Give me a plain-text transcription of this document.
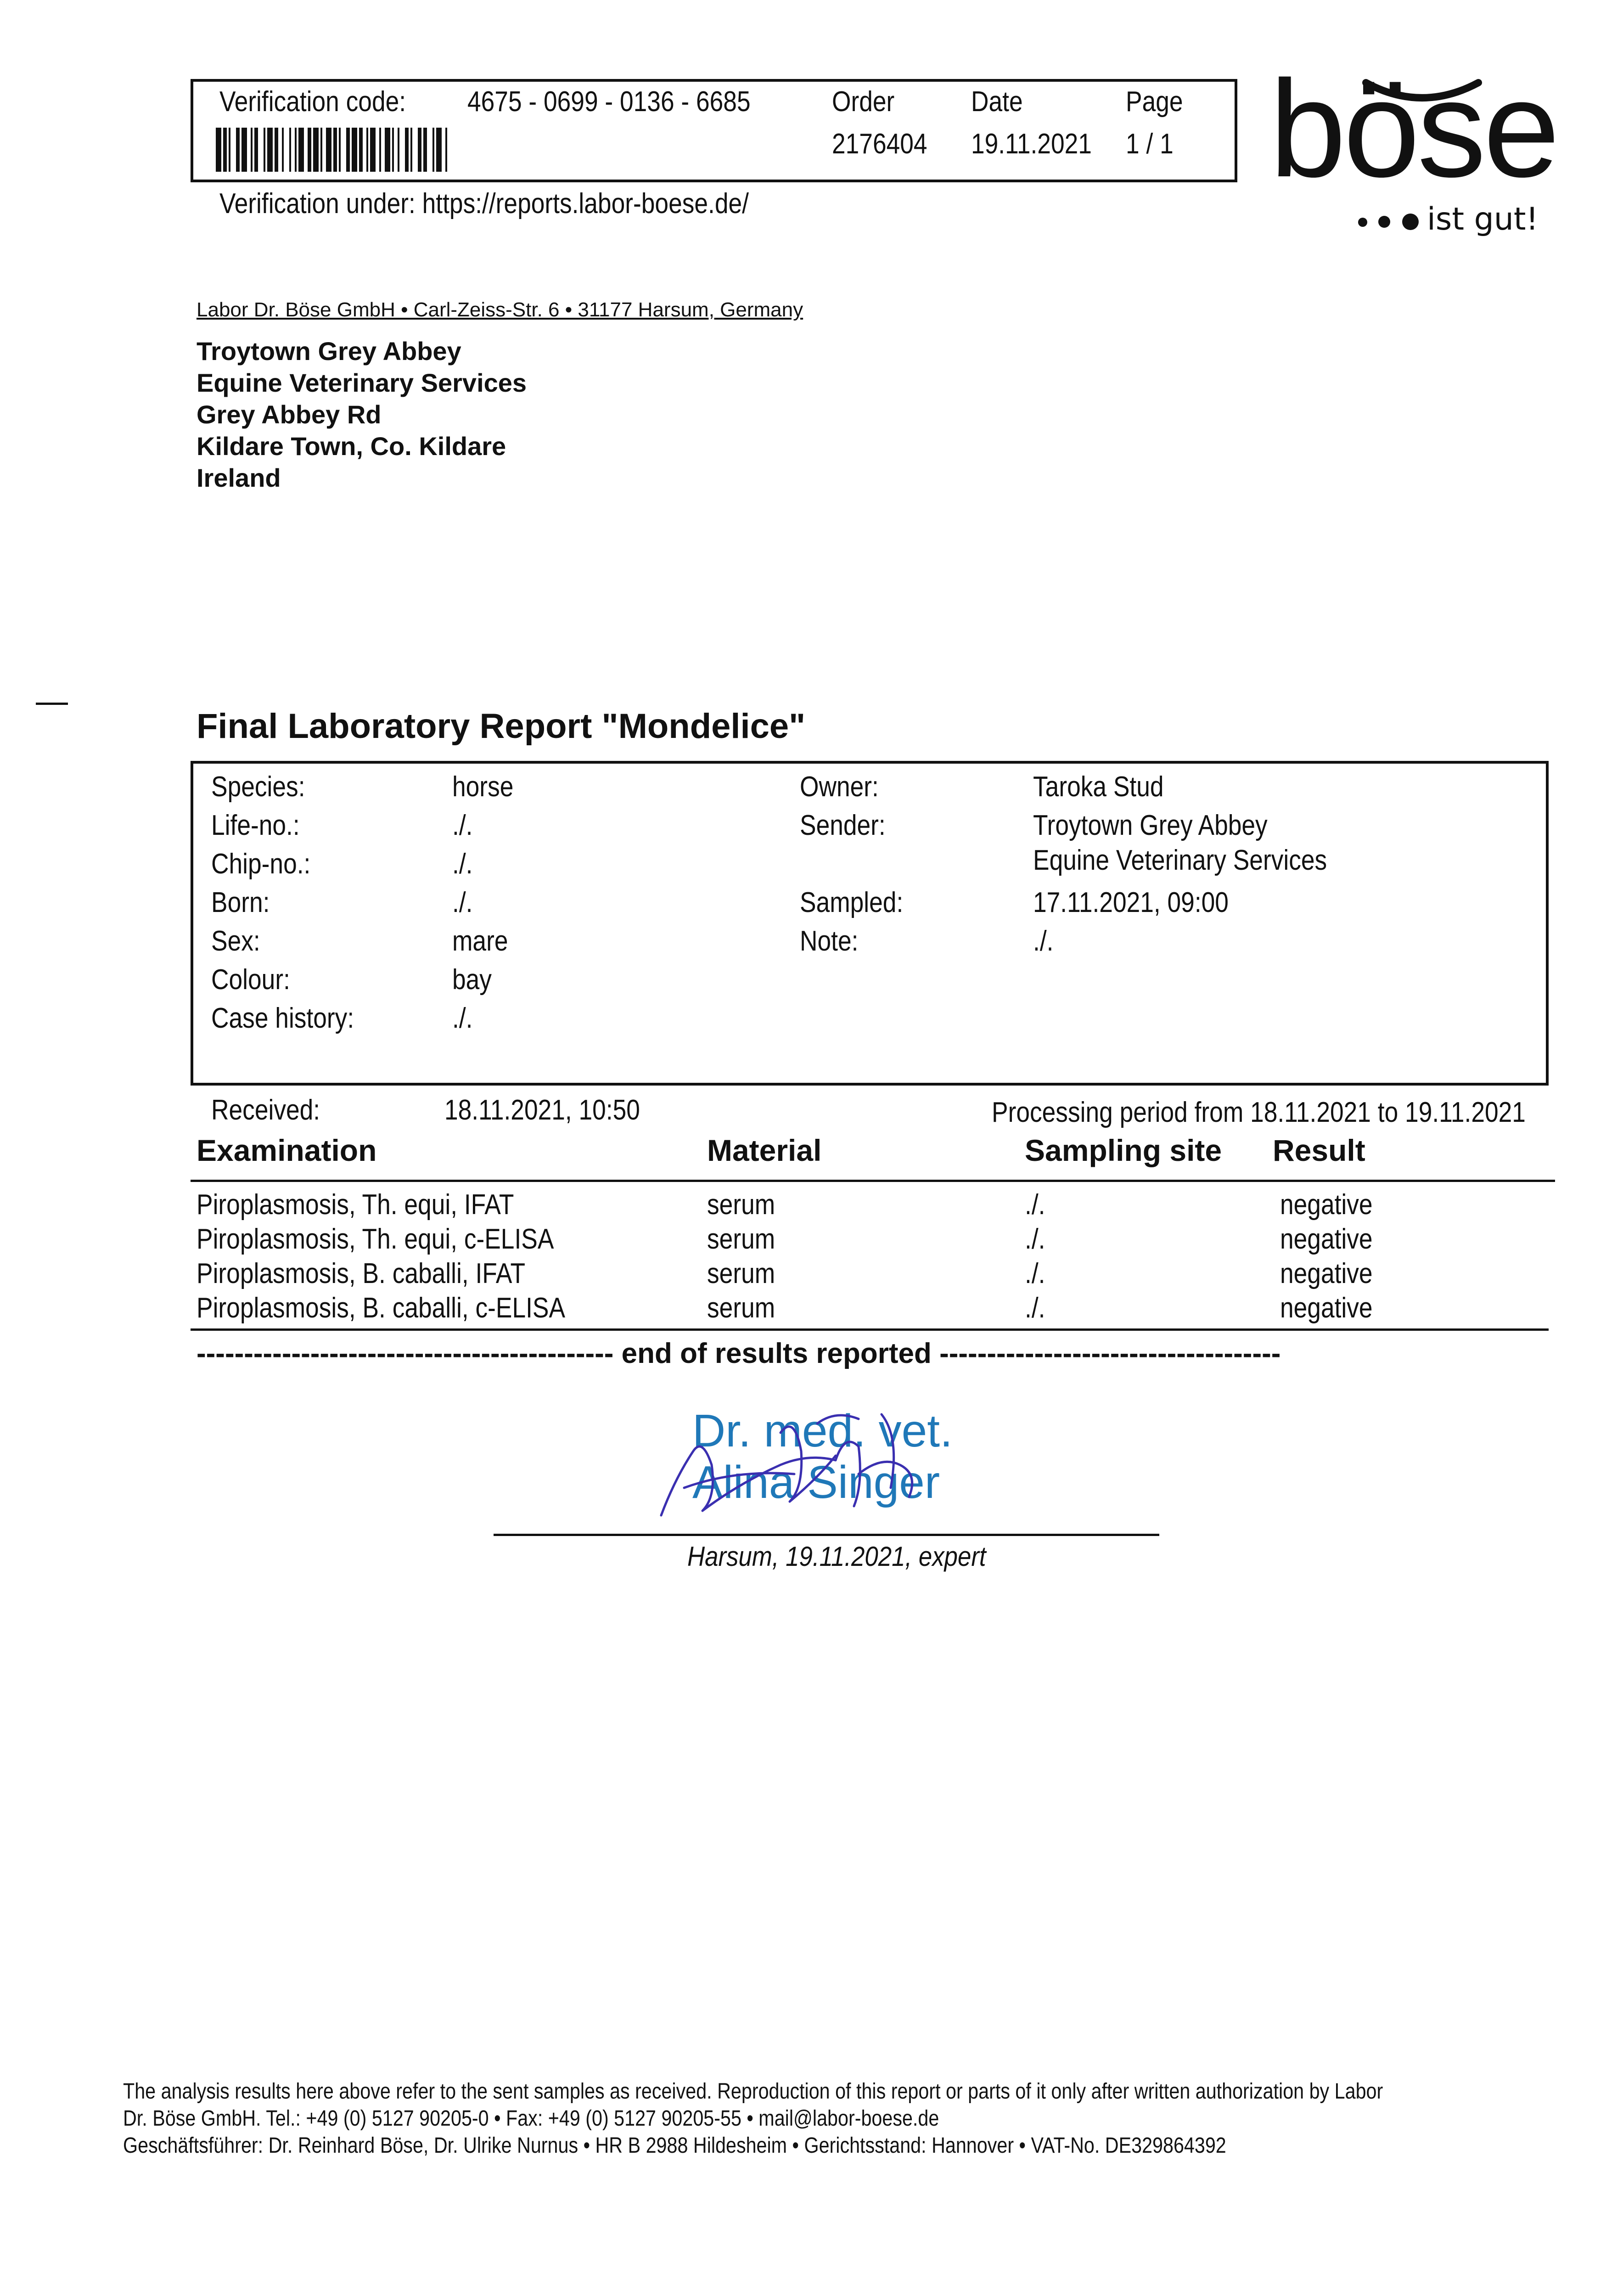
Verification code: 4675 - 0699 - 0136 - 6685	Order	Date	Page
2176404 19.11.2021 1 / 1
Verification under: https://reports.labor-boese.de/	böse
ist gut!
Labor Dr. Böse GmbH • Carl-Zeiss-Str. 6 • 31177 Harsum, Germany
Troytown Grey Abbey
Equine Veterinary Services
Grey Abbey Rd
Kildare Town, Co. Kildare
Ireland
Final Laboratory Report "Mondelice"
Species:	horse
Life-no.:	./.
Chip-no.:	./.
Born:	./.
Sex:	mare
Colour:	bay
Case history:	./.
Owner:	Taroka Stud
Sender:	Troytown Grey Abbey
Equine Veterinary Services
Sampled:	17.11.2021, 09:00
Note:	./.
Received:	18.11.2021, 10:50	Processing period from 18.11.2021 to 19.11.2021
Examination	Material	Sampling site Result
Piroplasmosis, Th. equi, IFAT	serum	./.	negative
Piroplasmosis, Th. equi, c-ELISA	serum	./.	negative
Piroplasmosis, B. caballi, IFAT	serum	./.	negative
Piroplasmosis, B. caballi, c-ELISA	serum	./.	negative
-------------------------------------------- end of results reported ------------------------------------
Dr. med. vet.
Alina Singer
Harsum, 19.11.2021, expert
The analysis results here above refer to the sent samples as received. Reproduction of this report or parts of it only after written authorization by Labor
Dr. Böse GmbH. Tel.: +49 (0) 5127 90205-0 • Fax: +49 (0) 5127 90205-55 • mail@labor-boese.de
Geschäftsführer: Dr. Reinhard Böse, Dr. Ulrike Nurnus • HR B 2988 Hildesheim • Gerichtsstand: Hannover • VAT-No. DE329864392
